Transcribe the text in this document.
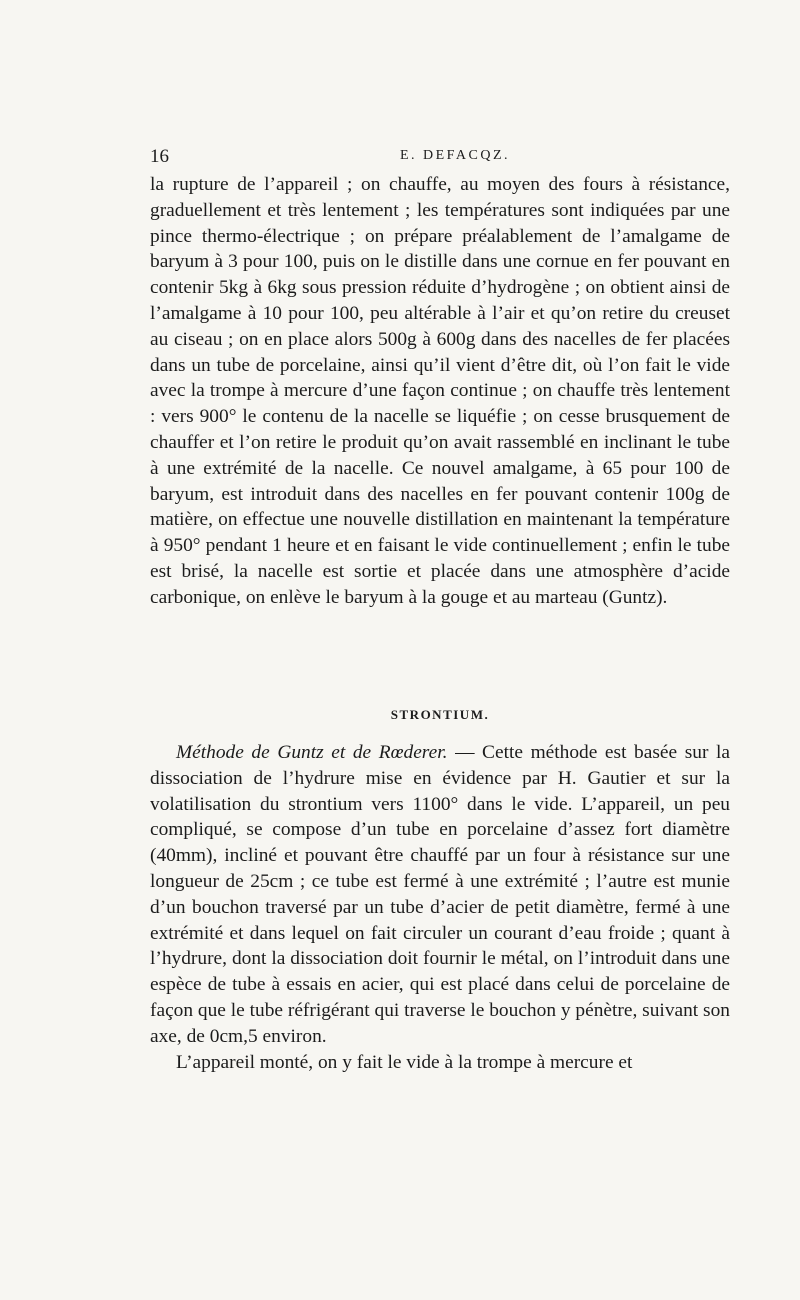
16	E. DEFACQZ.

la rupture de l’appareil ; on chauffe, au moyen des fours à résistance, graduellement et très lentement ; les températures sont indiquées par une pince thermo-électrique ; on prépare préalablement de l’amalgame de baryum à 3 pour 100, puis on le distille dans une cornue en fer pouvant en contenir 5kg à 6kg sous pression réduite d’hydrogène ; on obtient ainsi de l’amalgame à 10 pour 100, peu altérable à l’air et qu’on retire du creuset au ciseau ; on en place alors 500g à 600g dans des nacelles de fer placées dans un tube de porcelaine, ainsi qu’il vient d’être dit, où l’on fait le vide avec la trompe à mercure d’une façon continue ; on chauffe très lentement : vers 900° le contenu de la nacelle se liquéfie ; on cesse brusquement de chauffer et l’on retire le produit qu’on avait rassemblé en inclinant le tube à une extrémité de la nacelle. Ce nouvel amalgame, à 65 pour 100 de baryum, est introduit dans des nacelles en fer pouvant contenir 100g de matière, on effectue une nouvelle distillation en maintenant la température à 950° pendant 1 heure et en faisant le vide continuellement ; enfin le tube est brisé, la nacelle est sortie et placée dans une atmosphère d’acide carbonique, on enlève le baryum à la gouge et au marteau (Guntz).

STRONTIUM.

Méthode de Guntz et de Rœderer. — Cette méthode est basée sur la dissociation de l’hydrure mise en évidence par H. Gautier et sur la volatilisation du strontium vers 1100° dans le vide. L’appareil, un peu compliqué, se compose d’un tube en porcelaine d’assez fort diamètre (40mm), incliné et pouvant être chauffé par un four à résistance sur une longueur de 25cm ; ce tube est fermé à une extrémité ; l’autre est munie d’un bouchon traversé par un tube d’acier de petit diamètre, fermé à une extrémité et dans lequel on fait circuler un courant d’eau froide ; quant à l’hydrure, dont la dissociation doit fournir le métal, on l’introduit dans une espèce de tube à essais en acier, qui est placé dans celui de porcelaine de façon que le tube réfrigérant qui traverse le bouchon y pénètre, suivant son axe, de 0cm,5 environ.

L’appareil monté, on y fait le vide à la trompe à mercure et
